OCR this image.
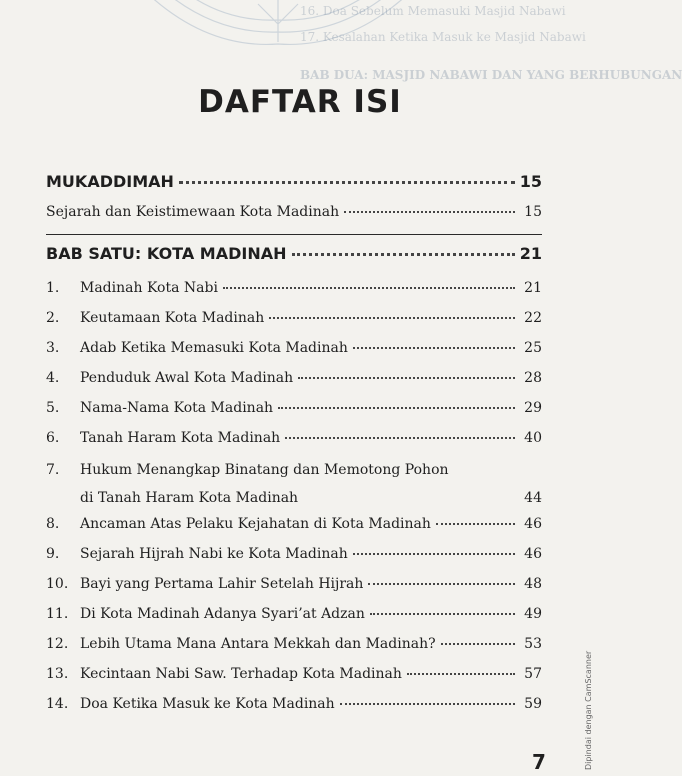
16. Doa Sebelum Memasuki Masjid Nabawi
17. Kesalahan Ketika Masuk ke Masjid Nabawi
BAB DUA: MASJID NABAWI DAN YANG BERHUBUNGAN
DAFTAR ISI
MUKADDIMAH	15
Sejarah dan Keistimewaan Kota Madinah	15
BAB SATU: KOTA MADINAH	21
1.	Madinah Kota Nabi	21
2.	Keutamaan Kota Madinah	22
3.	Adab Ketika Memasuki Kota Madinah	25
4.	Penduduk Awal Kota Madinah	28
5.	Nama-Nama Kota Madinah	29
6.	Tanah Haram Kota Madinah	40
7.	Hukum Menangkap Binatang dan Memotong Pohon
di Tanah Haram Kota Madinah	44
8.	Ancaman Atas Pelaku Kejahatan di Kota Madinah	46
9.	Sejarah Hijrah Nabi ke Kota Madinah	46
10. Bayi yang Pertama Lahir Setelah Hijrah	48
11. Di Kota Madinah Adanya Syari’at Adzan	49
12. Lebih Utama Mana Antara Mekkah dan Madinah?	53
13. Kecintaan Nabi Saw. Terhadap Kota Madinah	57
14. Doa Ketika Masuk ke Kota Madinah	59
7	Dipindai dengan CamScanner
